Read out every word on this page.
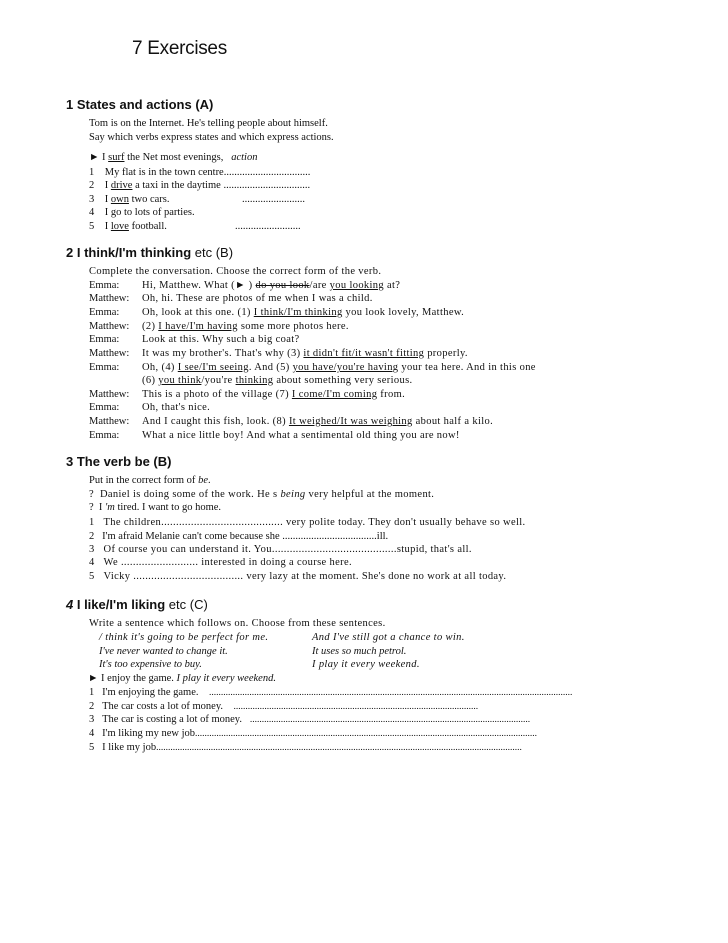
7 Exercises
1 States and actions (A)
Tom is on the Internet. He's telling people about himself.
Say which verbs express states and which express actions.
► I surf the Net most evenings, action
1 My flat is in the town centre.................................
2 I drive a taxi in the daytime .................................
3 I own two cars.	........................
4 I go to lots of parties.
5 I love football.	.........................
2 I think/I'm thinking etc (B)
Complete the conversation. Choose the correct form of the verb.
Emma: Hi, Matthew. What (► ) do you look/are you looking at?
Matthew: Oh, hi. These are photos of me when I was a child.
Emma: Oh, look at this one. (1) I think/I'm thinking you look lovely, Matthew.
Matthew: (2) I have/I'm having some more photos here.
Emma: Look at this. Why such a big coat?
Matthew: It was my brother's. That's why (3) it didn't fit/it wasn't fitting properly.
Emma: Oh, (4) I see/I'm seeing. And (5) you have/you're having your tea here. And in this one
(6) you think/you're thinking about something very serious.
Matthew: This is a photo of the village (7) I come/I'm coming from.
Emma: Oh, that's nice.
Matthew: And I caught this fish, look. (8) It weighed/It was weighing about half a kilo.
Emma: What a nice little boy! And what a sentimental old thing you are now!
3 The verb be (B)
Put in the correct form of be.
? Daniel is doing some of the work. He s being very helpful at the moment.
? I 'm tired. I want to go home.
1 The children......................................... very polite today. They don't usually behave so well.
2 I'm afraid Melanie can't come because she ....................................ill.
3 Of course you can understand it. You..........................................stupid, that's all.
4 We .......................... interested in doing a course here.
5 Vicky ..................................... very lazy at the moment. She's done no work at all today.
4 I like/I'm liking etc (C)
Write a sentence which follows on. Choose from these sentences.
/ think it's going to be perfect for me.	And I've still got a chance to win.
I've never wanted to change it.	It uses so much petrol.
It's too expensive to buy.	I play it every weekend.
► I enjoy the game. I play it every weekend.
1 I'm enjoying the game. .........................................................................................................................................................
2 The car costs a lot of money. .......................................................................................................
3 The car is costing a lot of money. ......................................................................................................................
4 I'm liking my new job................................................................................................................................................
5 I like my job..........................................................................................................................................................
